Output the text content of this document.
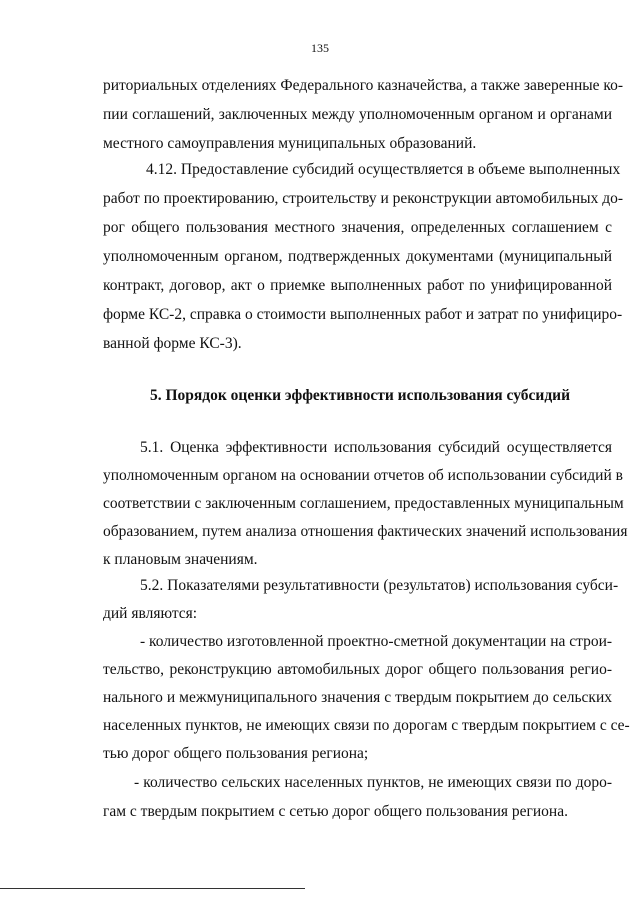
135
риториальных отделениях Федерального казначейства, а также заверенные ко-
пии соглашений, заключенных между уполномоченным органом и органами
местного самоуправления муниципальных образований.
4.12. Предоставление субсидий осуществляется в объеме выполненных
работ по проектированию, строительству и реконструкции автомобильных до-
рог общего пользования местного значения, определенных соглашением с
уполномоченным органом, подтвержденных документами (муниципальный
контракт, договор, акт о приемке выполненных работ по унифицированной
форме КС-2, справка о стоимости выполненных работ и затрат по унифициро-
ванной форме КС-3).
5. Порядок оценки эффективности использования субсидий
5.1. Оценка эффективности использования субсидий осуществляется
уполномоченным органом на основании отчетов об использовании субсидий в
соответствии с заключенным соглашением, предоставленных муниципальным
образованием, путем анализа отношения фактических значений использования
к плановым значениям.
5.2. Показателями результативности (результатов) использования субси-
дий являются:
- количество изготовленной проектно-сметной документации на строи-
тельство, реконструкцию автомобильных дорог общего пользования регио-
нального и межмуниципального значения с твердым покрытием до сельских
населенных пунктов, не имеющих связи по дорогам с твердым покрытием с се-
тью дорог общего пользования региона;
- количество сельских населенных пунктов, не имеющих связи по доро-
гам с твердым покрытием с сетью дорог общего пользования региона.
